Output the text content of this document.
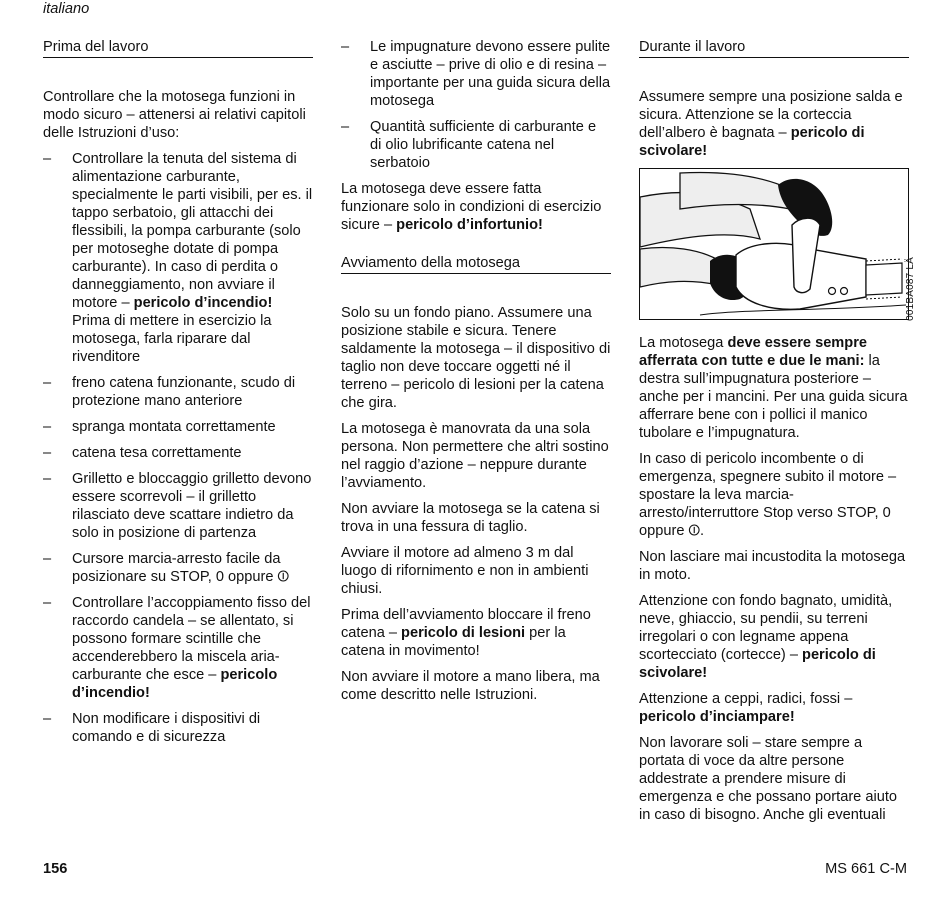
italiano
Prima del lavoro

Controllare che la motosega funzioni in modo sicuro – attenersi ai relativi capitoli delle Istruzioni d’uso:

– Controllare la tenuta del sistema di alimentazione carburante, specialmente le parti visibili, per es. il tappo serbatoio, gli attacchi dei flessibili, la pompa carburante (solo per motoseghe dotate di pompa carburante). In caso di perdita o danneggiamento, non avviare il motore – pericolo d’incendio! Prima di mettere in esercizio la motosega, farla riparare dal rivenditore
– freno catena funzionante, scudo di protezione mano anteriore
– spranga montata correttamente
– catena tesa correttamente
– Grilletto e bloccaggio grilletto devono essere scorrevoli – il grilletto rilasciato deve scattare indietro da solo in posizione di partenza
– Cursore marcia-arresto facile da posizionare su STOP, 0 oppure ⏼
– Controllare l’accoppiamento fisso del raccordo candela – se allentato, si possono formare scintille che accenderebbero la miscela aria-carburante che esce – pericolo d’incendio!
– Non modificare i dispositivi di comando e di sicurezza
– Le impugnature devono essere pulite e asciutte – prive di olio e di resina – importante per una guida sicura della motosega
– Quantità sufficiente di carburante e di olio lubrificante catena nel serbatoio

La motosega deve essere fatta funzionare solo in condizioni di esercizio sicure – pericolo d’infortunio!

Avviamento della motosega

Solo su un fondo piano. Assumere una posizione stabile e sicura. Tenere saldamente la motosega – il dispositivo di taglio non deve toccare oggetti né il terreno – pericolo di lesioni per la catena che gira.

La motosega è manovrata da una sola persona. Non permettere che altri sostino nel raggio d’azione – neppure durante l’avviamento.

Non avviare la motosega se la catena si trova in una fessura di taglio.

Avviare il motore ad almeno 3 m dal luogo di rifornimento e non in ambienti chiusi.

Prima dell’avviamento bloccare il freno catena – pericolo di lesioni per la catena in movimento!

Non avviare il motore a mano libera, ma come descritto nelle Istruzioni.

Durante il lavoro

Assumere sempre una posizione salda e sicura. Attenzione se la corteccia dell’albero è bagnata – pericolo di scivolare!

001BA087 LÄ

La motosega deve essere sempre afferrata con tutte e due le mani: la destra sull’impugnatura posteriore – anche per i mancini. Per una guida sicura afferrare bene con i pollici il manico tubolare e l’impugnatura.

In caso di pericolo incombente o di emergenza, spegnere subito il motore – spostare la leva marcia-arresto/interruttore Stop verso STOP, 0 oppure ⏼.

Non lasciare mai incustodita la motosega in moto.

Attenzione con fondo bagnato, umidità, neve, ghiaccio, su pendii, su terreni irregolari o con legname appena scortecciato (cortecce) – pericolo di scivolare!

Attenzione a ceppi, radici, fossi – pericolo d’inciampare!

Non lavorare soli – stare sempre a portata di voce da altre persone addestrate a prendere misure di emergenza e che possano portare aiuto in caso di bisogno. Anche gli eventuali

156	MS 661 C-M
